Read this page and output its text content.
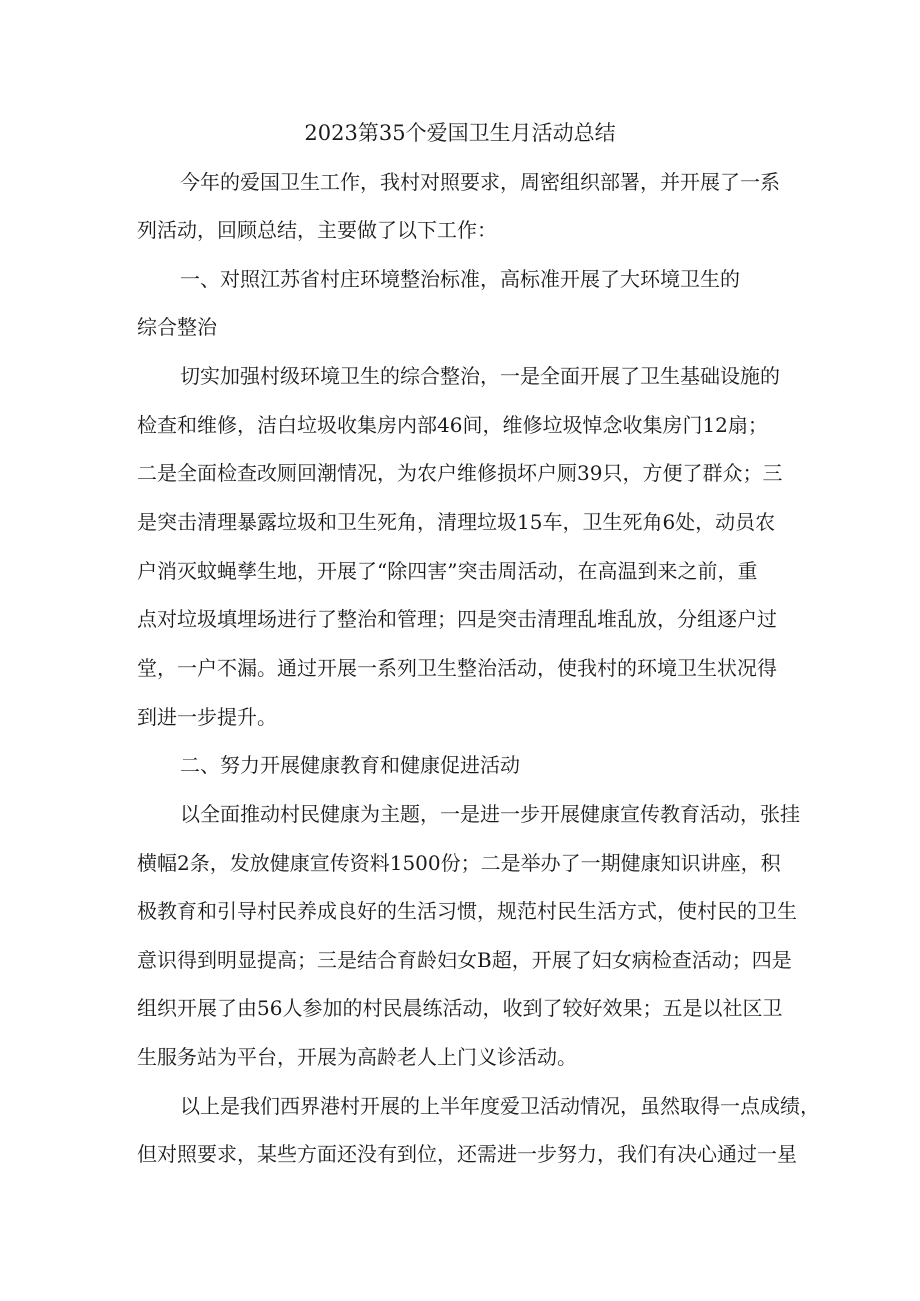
2023第35个爱国卫生月活动总结
今年的爱国卫生工作，我村对照要求，周密组织部署，并开展了一系
列活动，回顾总结，主要做了以下工作：
一、对照江苏省村庄环境整治标准，高标准开展了大环境卫生的
综合整治
切实加强村级环境卫生的综合整治，一是全面开展了卫生基础设施的
检查和维修，洁白垃圾收集房内部46间，维修垃圾悼念收集房门12扇；
二是全面检查改厕回潮情况，为农户维修损坏户厕39只，方便了群众；三
是突击清理暴露垃圾和卫生死角，清理垃圾15车，卫生死角6处，动员农
户消灭蚊蝇孳生地，开展了“除四害”突击周活动，在高温到来之前，重
点对垃圾填埋场进行了整治和管理；四是突击清理乱堆乱放，分组逐户过
堂，一户不漏。通过开展一系列卫生整治活动，使我村的环境卫生状况得
到进一步提升。
二、努力开展健康教育和健康促进活动
以全面推动村民健康为主题，一是进一步开展健康宣传教育活动，张挂
横幅2条，发放健康宣传资料1500份；二是举办了一期健康知识讲座，积
极教育和引导村民养成良好的生活习惯，规范村民生活方式，使村民的卫生
意识得到明显提高；三是结合育龄妇女B超，开展了妇女病检查活动；四是
组织开展了由56人参加的村民晨练活动，收到了较好效果；五是以社区卫
生服务站为平台，开展为高龄老人上门义诊活动。
以上是我们西界港村开展的上半年度爱卫活动情况，虽然取得一点成绩，
但对照要求，某些方面还没有到位，还需进一步努力，我们有决心通过一星
